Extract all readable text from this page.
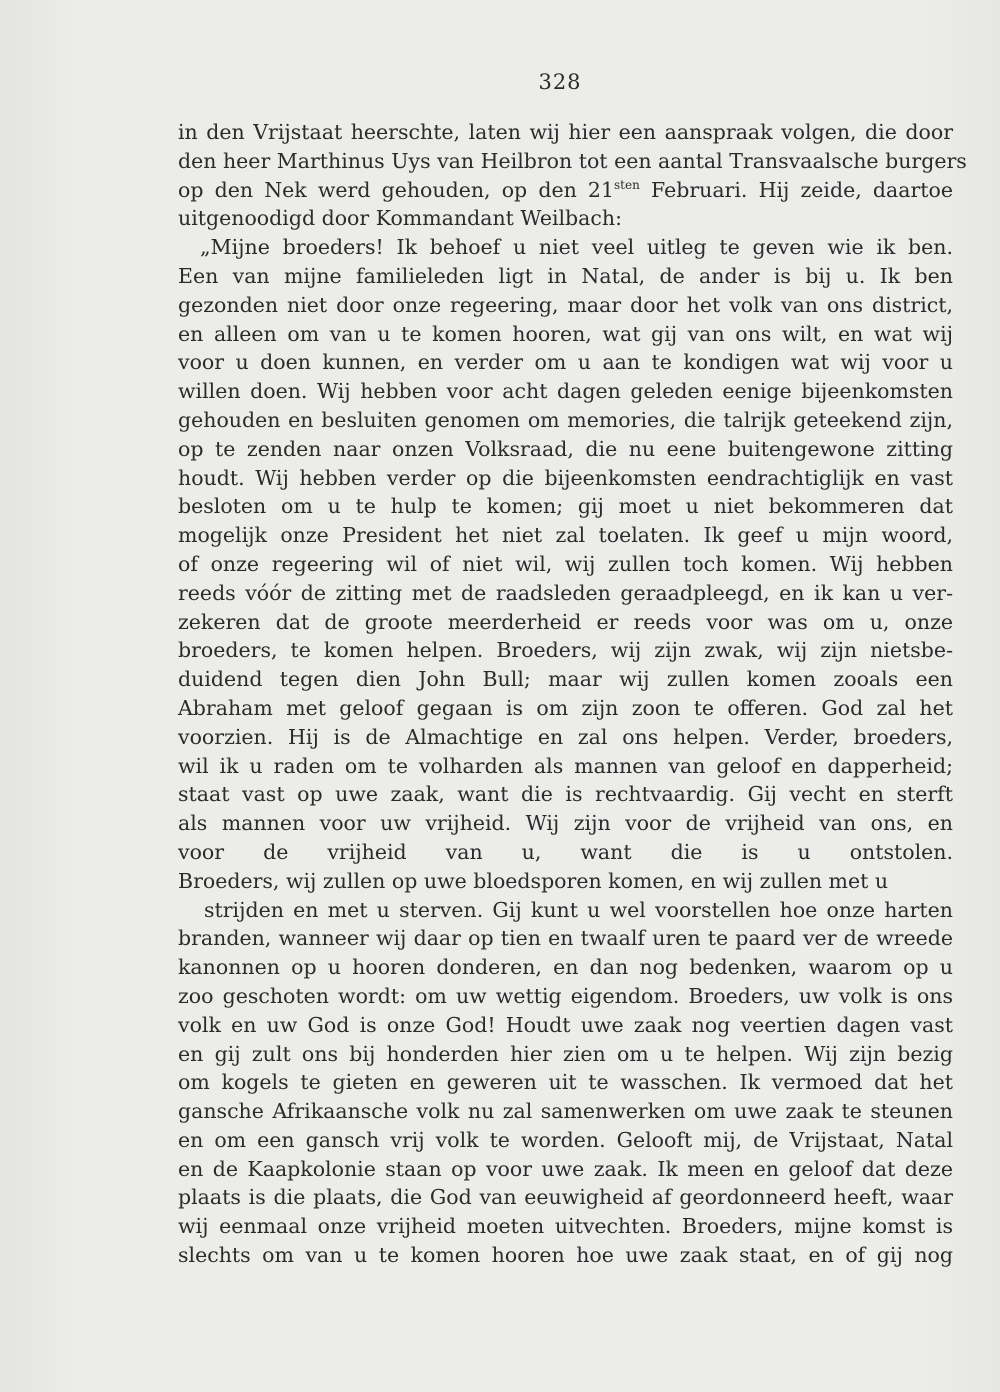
328
in den Vrijstaat heerschte, laten wij hier een aanspraak volgen, die door
den heer Marthinus Uys van Heilbron tot een aantal Transvaalsche burgers
op den Nek werd gehouden, op den $21^{sten}$ Februari. Hij zeide, daartoe
uitgenoodigd door Kommandant Weilbach:
„Mijne broeders! Ik behoef u niet veel uitleg te geven wie ik ben.
Een van mijne familieleden ligt in Natal, de ander is bij u. Ik ben
gezonden niet door onze regeering, maar door het volk van ons district,
en alleen om van u te komen hooren, wat gij van ons wilt, en wat wij
voor u doen kunnen, en verder om u aan te kondigen wat wij voor u
willen doen. Wij hebben voor acht dagen geleden eenige bijeenkomsten
gehouden en besluiten genomen om memories, die talrijk geteekend zijn,
op te zenden naar onzen Volksraad, die nu eene buitengewone zitting
houdt. Wij hebben verder op die bijeenkomsten eendrachtiglijk en vast
besloten om u te hulp te komen; gij moet u niet bekommeren dat
mogelijk onze President het niet zal toelaten. Ik geef u mijn woord,
of onze regeering wil of niet wil, wij zullen toch komen. Wij hebben
reeds vóór de zitting met de raadsleden geraadpleegd, en ik kan u ver-
zekeren dat de groote meerderheid er reeds voor was om u, onze
broeders, te komen helpen. Broeders, wij zijn zwak, wij zijn nietsbe-
duidend tegen dien John Bull; maar wij zullen komen zooals een
Abraham met geloof gegaan is om zijn zoon te offeren. God zal het
voorzien. Hij is de Almachtige en zal ons helpen. Verder, broeders,
wil ik u raden om te volharden als mannen van geloof en dapperheid;
staat vast op uwe zaak, want die is rechtvaardig. Gij vecht en sterft
als mannen voor uw vrijheid. Wij zijn voor de vrijheid van ons, en
voor de vrijheid van u, want die is u ontstolen.
Broeders, wij zullen op uwe bloedsporen komen, en wij zullen met u
strijden en met u sterven. Gij kunt u wel voorstellen hoe onze harten
branden, wanneer wij daar op tien en twaalf uren te paard ver de wreede
kanonnen op u hooren donderen, en dan nog bedenken, waarom op u
zoo geschoten wordt: om uw wettig eigendom. Broeders, uw volk is ons
volk en uw God is onze God! Houdt uwe zaak nog veertien dagen vast
en gij zult ons bij honderden hier zien om u te helpen. Wij zijn bezig
om kogels te gieten en geweren uit te wasschen. Ik vermoed dat het
gansche Afrikaansche volk nu zal samenwerken om uwe zaak te steunen
en om een gansch vrij volk te worden. Gelooft mij, de Vrijstaat, Natal
en de Kaapkolonie staan op voor uwe zaak. Ik meen en geloof dat deze
plaats is die plaats, die God van eeuwigheid af geordonneerd heeft, waar
wij eenmaal onze vrijheid moeten uitvechten. Broeders, mijne komst is
slechts om van u te komen hooren hoe uwe zaak staat, en of gij nog
